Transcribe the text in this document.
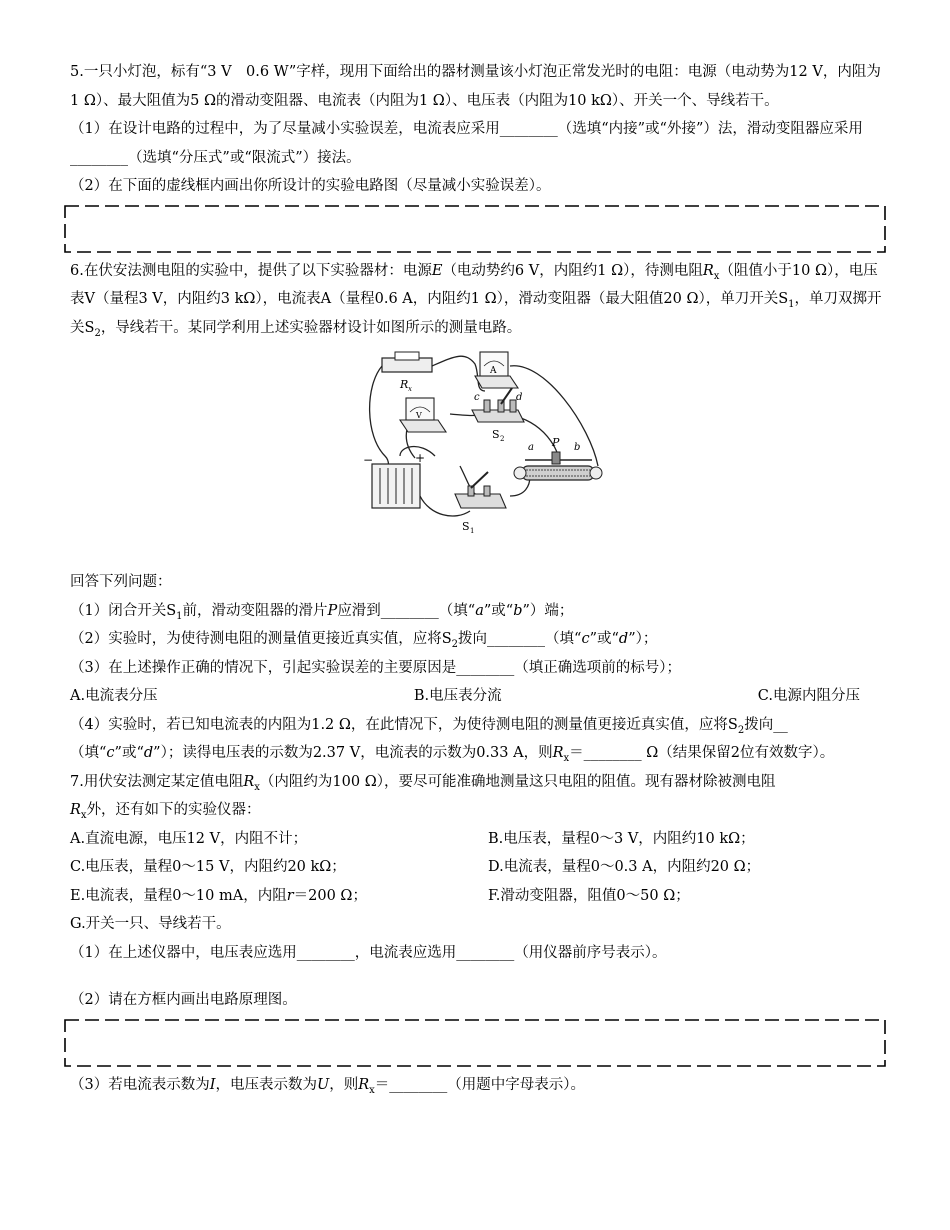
5.一只小灯泡，标有“3 V　0.6 W”字样，现用下面给出的器材测量该小灯泡正常发光时的电阻：电源（电动势为12 V，内阻为1 Ω）、最大阻值为5 Ω的滑动变阻器、电流表（内阻为1 Ω）、电压表（内阻为10 kΩ）、开关一个、导线若干。

（1）在设计电路的过程中，为了尽量减小实验误差，电流表应采用________（选填“内接”或“外接”）法，滑动变阻器应采用________（选填“分压式”或“限流式”）接法。

（2）在下面的虚线框内画出你所设计的实验电路图（尽量减小实验误差）。

6.在伏安法测电阻的实验中，提供了以下实验器材：电源E（电动势约6 V，内阻约1 Ω），待测电阻$R_x$（阻值小于10 Ω），电压表V（量程3 V，内阻约3 kΩ），电流表A（量程0.6 A，内阻约1 Ω），滑动变阻器（最大阻值20 Ω），单刀开关$S_1$，单刀双掷开关$S_2$，导线若干。某同学利用上述实验器材设计如图所示的测量电路。

R x
A
V
c	d
S 2
−	+
S 1
a P b

回答下列问题：

（1）闭合开关$S_1$前，滑动变阻器的滑片P应滑到________（填“a”或“b”）端；

（2）实验时，为使待测电阻的测量值更接近真实值，应将$S_2$拨向________（填“c”或“d”）；

（3）在上述操作正确的情况下，引起实验误差的主要原因是________（填正确选项前的标号）；

A.电流表分压	B.电压表分流	C.电源内阻分压

（4）实验时，若已知电流表的内阻为1.2 Ω，在此情况下，为使待测电阻的测量值更接近真实值，应将$S_2$拨向__（填“c”或“d”）；读得电压表的示数为2.37 V，电流表的示数为0.33 A，则$R_x=\_\_\_\_\_\_\_\_$ Ω（结果保留2位有效数字）。

7.用伏安法测定某定值电阻$R_x$（内阻约为100 Ω），要尽可能准确地测量这只电阻的阻值。现有器材除被测电阻
$R_x$外，还有如下的实验仪器：

A.直流电源，电压12 V，内阻不计；	B.电压表，量程0～3 V，内阻约10 kΩ；
C.电压表，量程0～15 V，内阻约20 kΩ；	D.电流表，量程0～0.3 A，内阻约20 Ω；
E.电流表，量程0～10 mA，内阻r＝200 Ω；	F.滑动变阻器，阻值0～50 Ω；

G.开关一只、导线若干。

（1）在上述仪器中，电压表应选用________，电流表应选用________（用仪器前序号表示）。

（2）请在方框内画出电路原理图。

（3）若电流表示数为I，电压表示数为U，则$R_x=\_\_\_\_\_\_\_\_$（用题中字母表示）。
